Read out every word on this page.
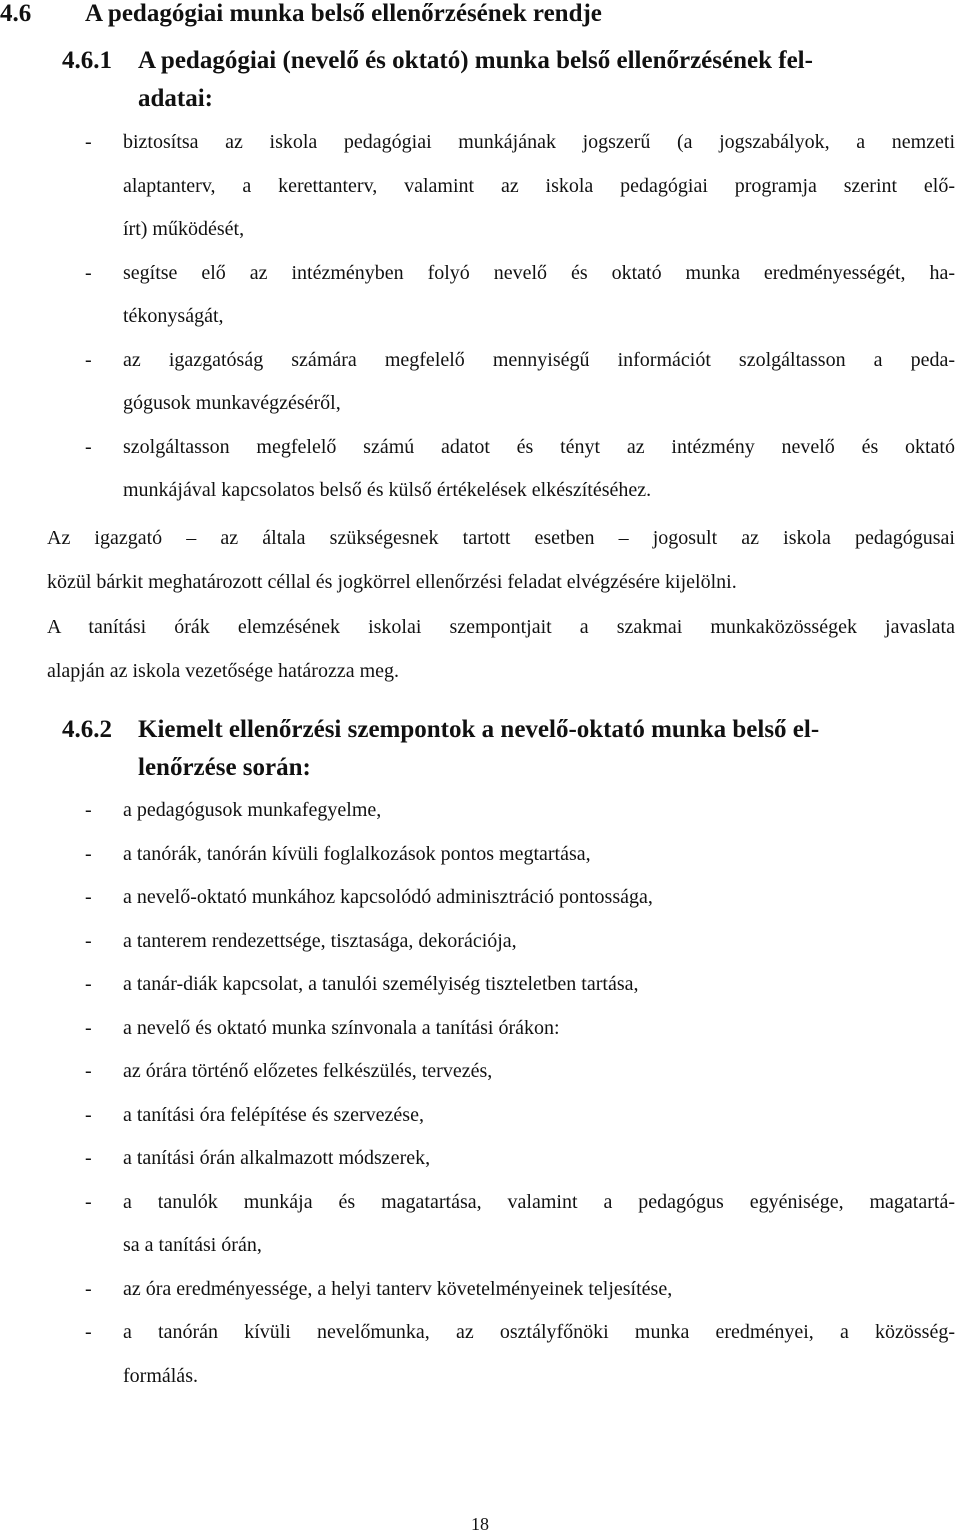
4.6 A pedagógiai munka belső ellenőrzésének rendje
4.6.1 A pedagógiai (nevelő és oktató) munka belső ellenőrzésének fel-
adatai:
- biztosítsa az iskola pedagógiai munkájának jogszerű (a jogszabályok, a nemzeti
alaptanterv, a kerettanterv, valamint az iskola pedagógiai programja szerint elő-
írt) működését,
- segítse elő az intézményben folyó nevelő és oktató munka eredményességét, ha-
tékonyságát,
- az igazgatóság számára megfelelő mennyiségű információt szolgáltasson a peda-
gógusok munkavégzéséről,
- szolgáltasson megfelelő számú adatot és tényt az intézmény nevelő és oktató
munkájával kapcsolatos belső és külső értékelések elkészítéséhez.
Az igazgató – az általa szükségesnek tartott esetben – jogosult az iskola pedagógusai
közül bárkit meghatározott céllal és jogkörrel ellenőrzési feladat elvégzésére kijelölni.
A tanítási órák elemzésének iskolai szempontjait a szakmai munkaközösségek javaslata
alapján az iskola vezetősége határozza meg.
4.6.2 Kiemelt ellenőrzési szempontok a nevelő-oktató munka belső el-
lenőrzése során:
- a pedagógusok munkafegyelme,
- a tanórák, tanórán kívüli foglalkozások pontos megtartása,
- a nevelő-oktató munkához kapcsolódó adminisztráció pontossága,
- a tanterem rendezettsége, tisztasága, dekorációja,
- a tanár-diák kapcsolat, a tanulói személyiség tiszteletben tartása,
- a nevelő és oktató munka színvonala a tanítási órákon:
- az órára történő előzetes felkészülés, tervezés,
- a tanítási óra felépítése és szervezése,
- a tanítási órán alkalmazott módszerek,
- a tanulók munkája és magatartása, valamint a pedagógus egyénisége, magatartá-
sa a tanítási órán,
- az óra eredményessége, a helyi tanterv követelményeinek teljesítése,
- a tanórán kívüli nevelőmunka, az osztályfőnöki munka eredményei, a közösség-
formálás.
18
